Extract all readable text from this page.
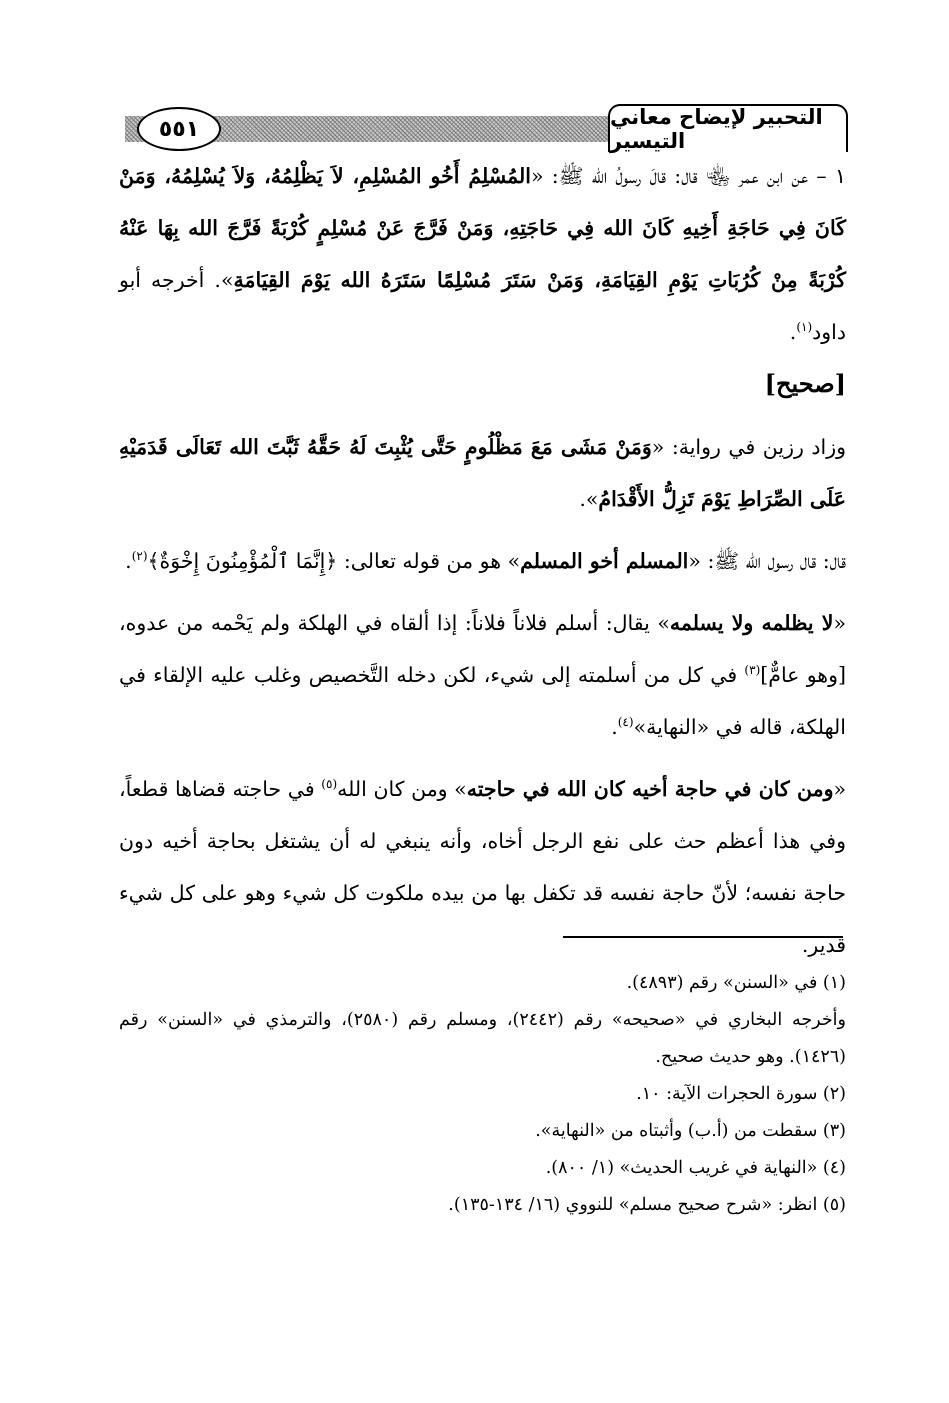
٥٥١	التحبير لإيضاح معاني التيسير

١ – عن ابن عمر ﵄ قال: قالَ رسولُ الله ﷺ: «المُسْلِمُ أَخُو المُسْلِمِ، لاَ يَظْلِمُهُ، وَلاَ يُسْلِمُهُ، وَمَنْ كَانَ فِي حَاجَةِ أَخِيهِ كَانَ الله فِي حَاجَتِهِ، وَمَنْ فَرَّجَ عَنْ مُسْلِمٍ كُرْبَةً فَرَّجَ الله بِهَا عَنْهُ كُرْبَةً مِنْ كُرُبَاتِ يَوْمِ القِيَامَةِ، وَمَنْ سَتَرَ مُسْلِمًا سَتَرَهُ الله يَوْمَ القِيَامَةِ». أخرجه أبو داود$^{(١)}$.

[صحيح]

وزاد رزين في رواية: «وَمَنْ مَشَى مَعَ مَظْلُومٍ حَتَّى يُثْبِتَ لَهُ حَقَّهُ ثَبَّتَ الله تَعَالَى قَدَمَيْهِ عَلَى الصِّرَاطِ يَوْمَ تَزِلُّ الأَقْدَامُ».

قال: قال رسول الله ﷺ: «المسلم أخو المسلم» هو من قوله تعالى: ﴿إِنَّمَا ٱلْمُؤْمِنُونَ إِخْوَةٌ﴾$^{(٢)}$.

«لا يظلمه ولا يسلمه» يقال: أسلم فلاناً فلاناً: إذا ألقاه في الهلكة ولم يَحْمه من عدوه، [وهو عامٌّ]$^{(٣)}$ في كل من أسلمته إلى شيء، لكن دخله التَّخصيص وغلب عليه الإلقاء في الهلكة، قاله في «النهاية»$^{(٤)}$.

«ومن كان في حاجة أخيه كان الله في حاجته» ومن كان الله$^{(٥)}$ في حاجته قضاها قطعاً، وفي هذا أعظم حث على نفع الرجل أخاه، وأنه ينبغي له أن يشتغل بحاجة أخيه دون حاجة نفسه؛ لأنّ حاجة نفسه قد تكفل بها من بيده ملكوت كل شيء وهو على كل شيء قدير.

(١) في «السنن» رقم (٤٨٩٣).

وأخرجه البخاري في «صحيحه» رقم (٢٤٤٢)، ومسلم رقم (٢٥٨٠)، والترمذي في «السنن» رقم (١٤٢٦). وهو حديث صحيح.

(٢) سورة الحجرات الآية: ١٠.

(٣) سقطت من (أ.ب) وأثبتاه من «النهاية».

(٤) «النهاية في غريب الحديث» (١/ ٨٠٠).

(٥) انظر: «شرح صحيح مسلم» للنووي (١٦/ ١٣٤-١٣٥).
